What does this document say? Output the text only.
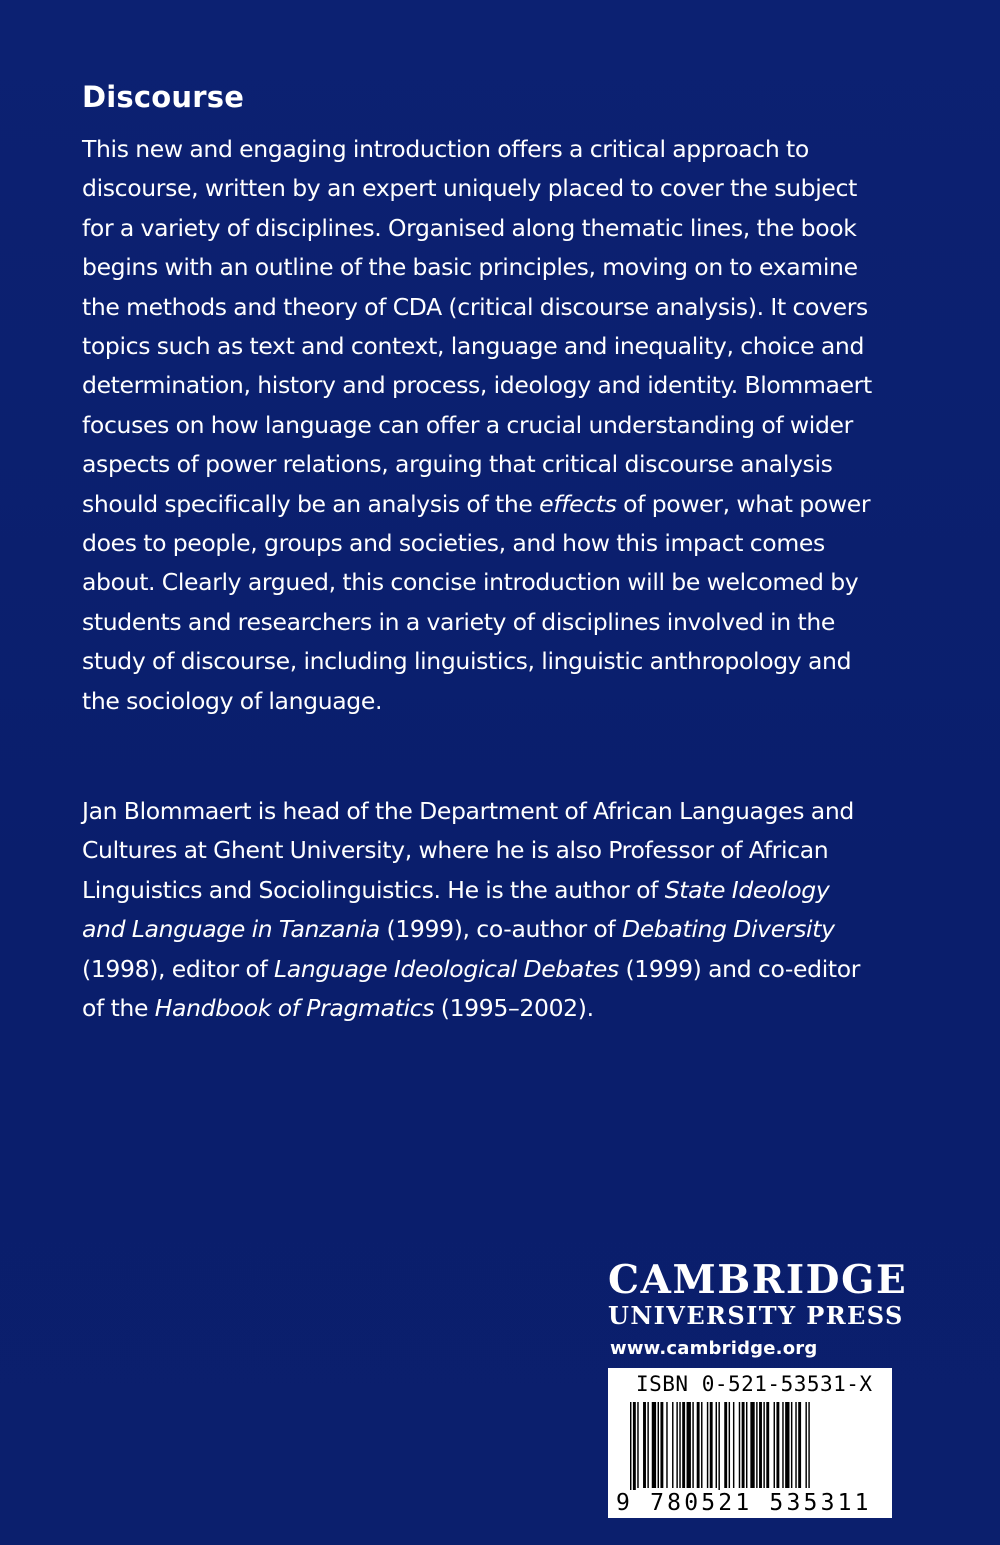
Discourse

This new and engaging introduction offers a critical approach to discourse, written by an expert uniquely placed to cover the subject for a variety of disciplines. Organised along thematic lines, the book begins with an outline of the basic principles, moving on to examine the methods and theory of CDA (critical discourse analysis). It covers topics such as text and context, language and inequality, choice and determination, history and process, ideology and identity. Blommaert focuses on how language can offer a crucial understanding of wider aspects of power relations, arguing that critical discourse analysis should specifically be an analysis of the effects of power, what power does to people, groups and societies, and how this impact comes about. Clearly argued, this concise introduction will be welcomed by students and researchers in a variety of disciplines involved in the study of discourse, including linguistics, linguistic anthropology and the sociology of language.

Jan Blommaert is head of the Department of African Languages and Cultures at Ghent University, where he is also Professor of African Linguistics and Sociolinguistics. He is the author of State Ideology and Language in Tanzania (1999), co-author of Debating Diversity (1998), editor of Language Ideological Debates (1999) and co-editor of the Handbook of Pragmatics (1995–2002).

CAMBRIDGE

UNIVERSITY PRESS

www.cambridge.org

ISBN 0-521-53531-X

9 780521 535311
